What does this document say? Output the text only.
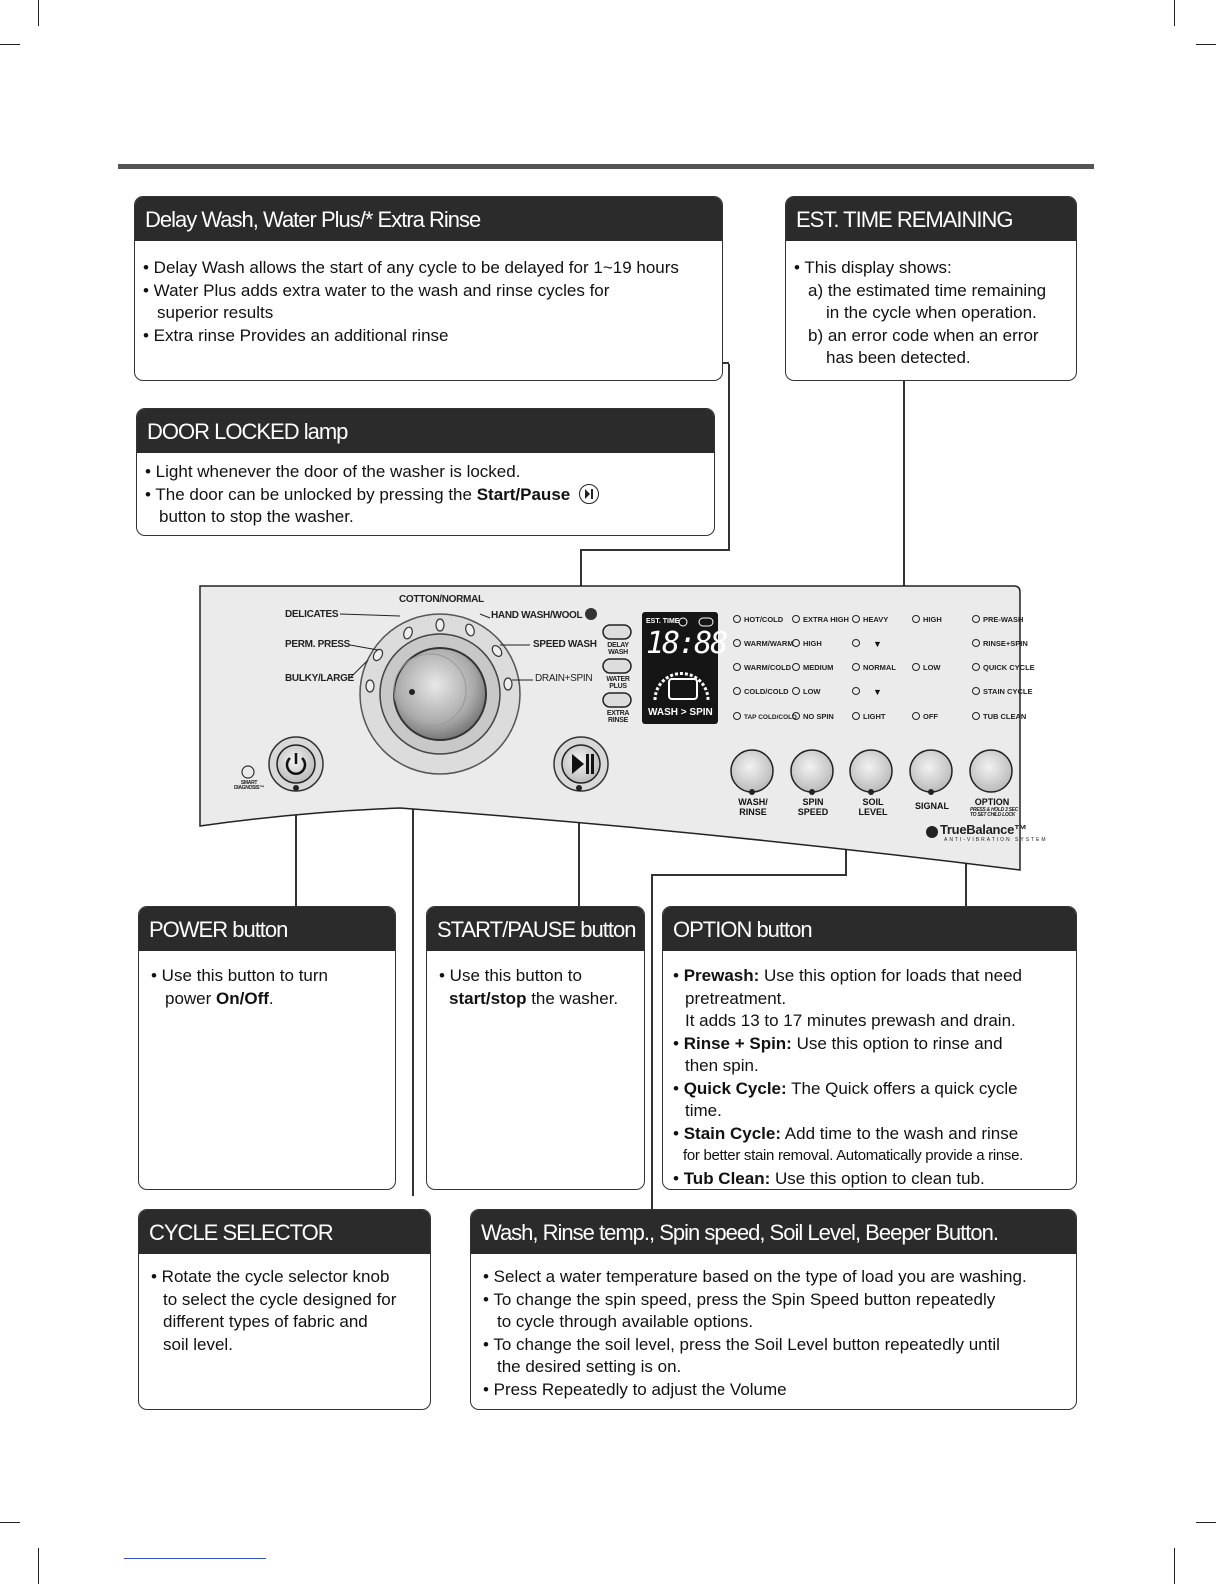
Delay Wash, Water Plus/* Extra Rinse
• Delay Wash allows the start of any cycle to be delayed for 1~19 hours
• Water Plus adds extra water to the wash and rinse cycles for
superior results
• Extra rinse Provides an additional rinse
EST. TIME REMAINING
• This display shows:
a) the estimated time remaining
in the cycle when operation.
b) an error code when an error
has been detected.
DOOR LOCKED lamp
• Light whenever the door of the washer is locked.
• The door can be unlocked by pressing the Start/Pause
button to stop the washer.
COTTON/NORMAL
DELICATES
PERM. PRESS
BULKY/LARGE
HAND WASH/WOOL
SPEED WASH
DRAIN+SPIN
DELAY WASH
WATER PLUS
EXTRA RINSE
EST. TIME
18:88
WASH > SPIN
HOT/COLD
WARM/WARM
WARM/COLD
COLD/COLD
TAP COLD/COLD
EXTRA HIGH
HIGH
MEDIUM
LOW
NO SPIN
HEAVY
▼
NORMAL
▼
LIGHT
HIGH
LOW
OFF
PRE-WASH
RINSE+SPIN
QUICK CYCLE
STAIN CYCLE
TUB CLEAN
WASH/ RINSE
SPIN SPEED
SOIL LEVEL
SIGNAL	OPTION
PRESS & HOLD 3 SEC TO SET CHILD LOCK
SMART DIAGNOSIS™
TrueBalance™
ANTI-VIBRATION SYSTEM
POWER button
• Use this button to turn
power On/Off.
START/PAUSE button
• Use this button to
start/stop the washer.
OPTION button
• Prewash: Use this option for loads that need
pretreatment.
It adds 13 to 17 minutes prewash and drain.
• Rinse + Spin: Use this option to rinse and
then spin.
• Quick Cycle: The Quick offers a quick cycle
time.
• Stain Cycle: Add time to the wash and rinse
for better stain removal. Automatically provide a rinse.
• Tub Clean: Use this option to clean tub.
CYCLE SELECTOR
• Rotate the cycle selector knob
to select the cycle designed for
different types of fabric and
soil level.
Wash, Rinse temp., Spin speed, Soil Level, Beeper Button.
• Select a water temperature based on the type of load you are washing.
• To change the spin speed, press the Spin Speed button repeatedly
to cycle through available options.
• To change the soil level, press the Soil Level button repeatedly until
the desired setting is on.
• Press Repeatedly to adjust the Volume
